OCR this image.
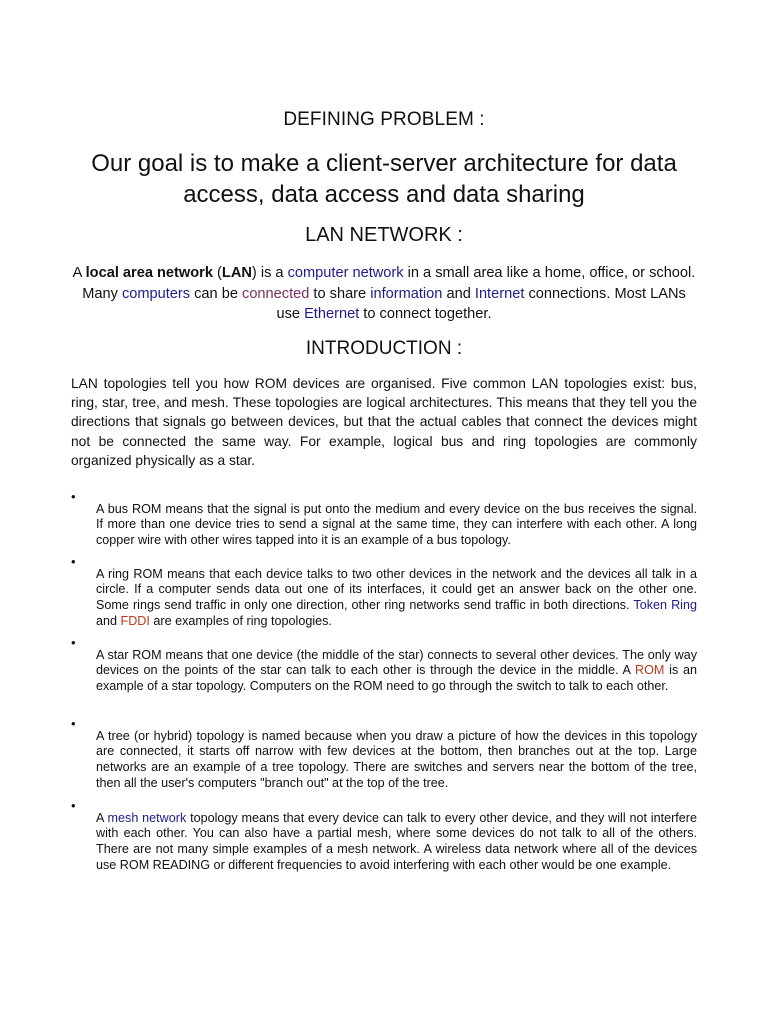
DEFINING PROBLEM :
Our goal is to make a client-server architecture for data access, data access and data sharing
LAN NETWORK :

A local area network (LAN) is a computer network in a small area like a home, office, or school. Many computers can be connected to share information and Internet connections. Most LANs use Ethernet to connect together.

INTRODUCTION :

LAN topologies tell you how ROM devices are organised. Five common LAN topologies exist: bus, ring, star, tree, and mesh. These topologies are logical architectures. This means that they tell you the directions that signals go between devices, but that the actual cables that connect the devices might not be connected the same way. For example, logical bus and ring topologies are commonly organized physically as a star.

•

A bus ROM means that the signal is put onto the medium and every device on the bus receives the signal. If more than one device tries to send a signal at the same time, they can interfere with each other. A long copper wire with other wires tapped into it is an example of a bus topology.

•

A ring ROM means that each device talks to two other devices in the network and the devices all talk in a circle. If a computer sends data out one of its interfaces, it could get an answer back on the other one. Some rings send traffic in only one direction, other ring networks send traffic in both directions. Token Ring and FDDI are examples of ring topologies.

•

A star ROM means that one device (the middle of the star) connects to several other devices. The only way devices on the points of the star can talk to each other is through the device in the middle. A ROM is an example of a star topology. Computers on the ROM need to go through the switch to talk to each other.

•

A tree (or hybrid) topology is named because when you draw a picture of how the devices in this topology are connected, it starts off narrow with few devices at the bottom, then branches out at the top. Large networks are an example of a tree topology. There are switches and servers near the bottom of the tree, then all the user's computers "branch out" at the top of the tree.

•

A mesh network topology means that every device can talk to every other device, and they will not interfere with each other. You can also have a partial mesh, where some devices do not talk to all of the others. There are not many simple examples of a mesh network. A wireless data network where all of the devices use ROM READING or different frequencies to avoid interfering with each other would be one example.
